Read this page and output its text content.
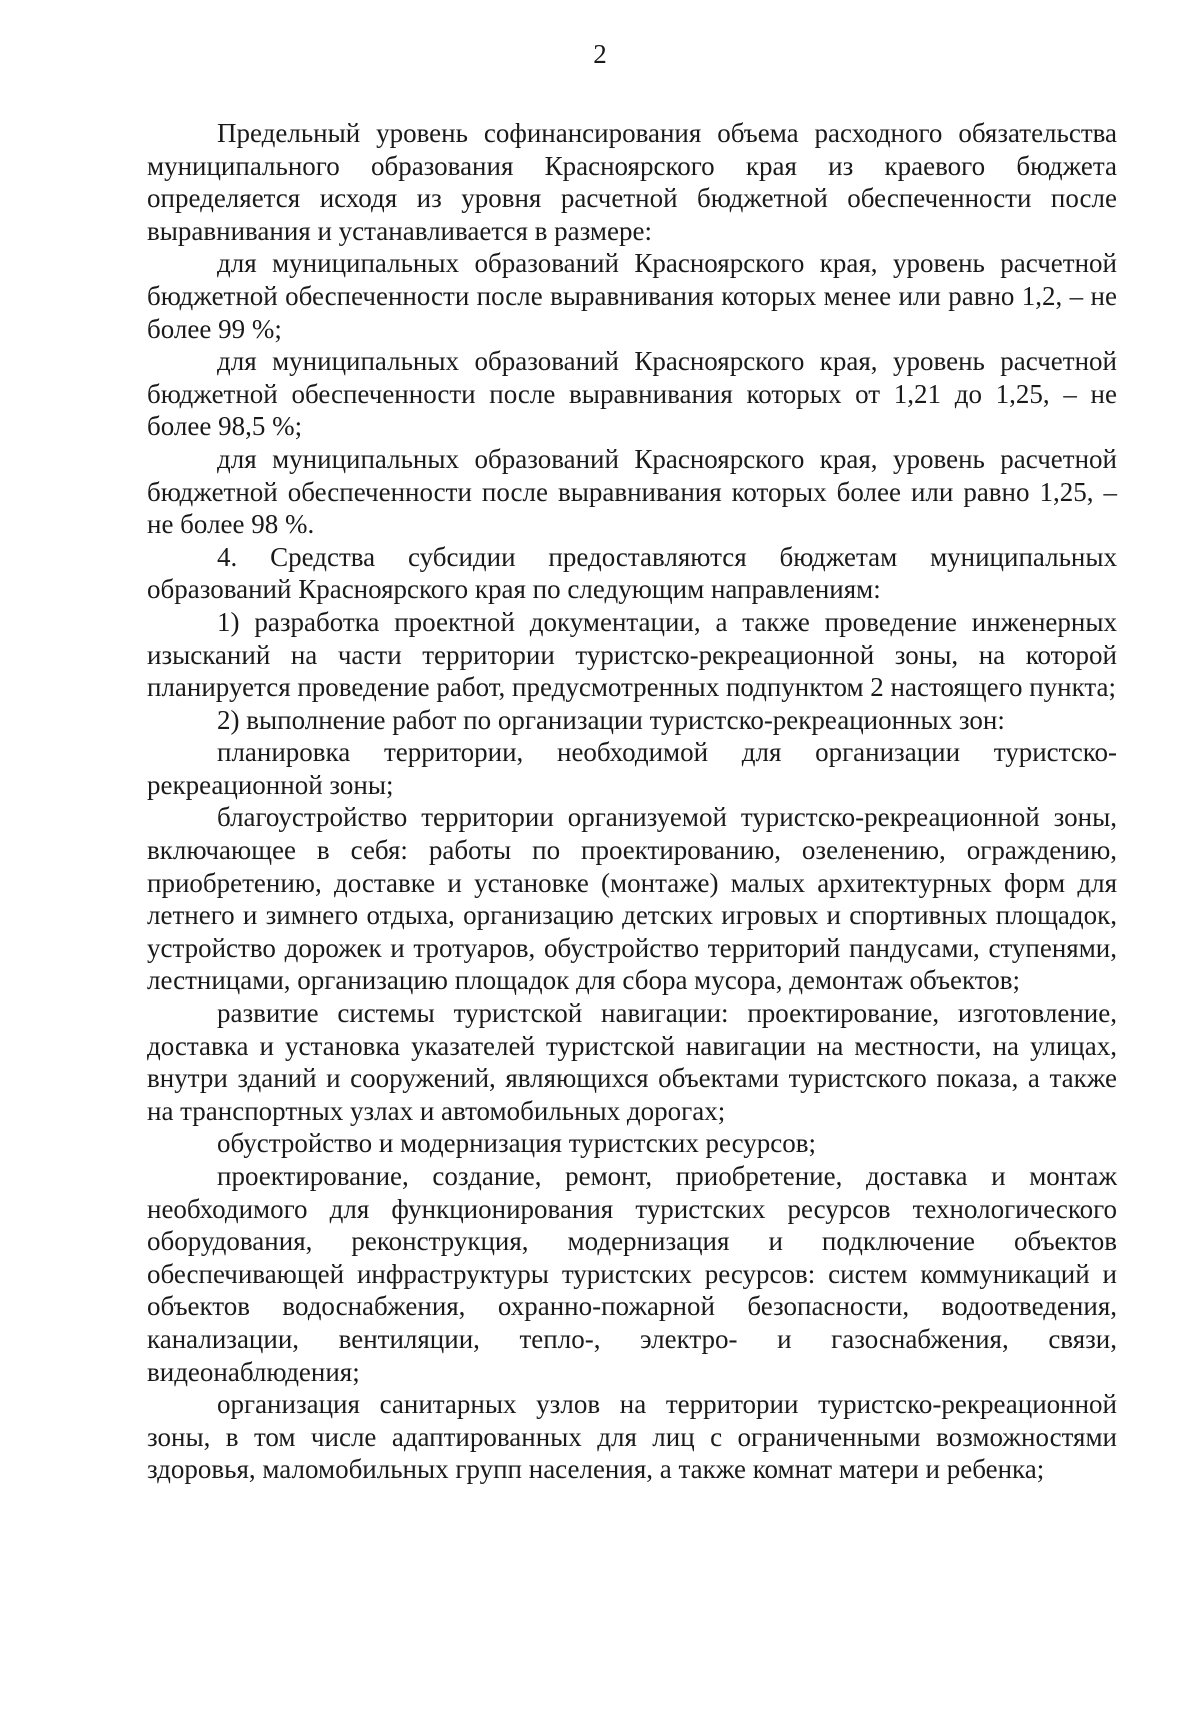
2

Предельный уровень софинансирования объема расходного обязательства муниципального образования Красноярского края из краевого бюджета определяется исходя из уровня расчетной бюджетной обеспеченности после выравнивания и устанавливается в размере:

для муниципальных образований Красноярского края, уровень расчетной бюджетной обеспеченности после выравнивания которых менее или равно 1,2, – не более 99 %;

для муниципальных образований Красноярского края, уровень расчетной бюджетной обеспеченности после выравнивания которых от 1,21 до 1,25, – не более 98,5 %;

для муниципальных образований Красноярского края, уровень расчетной бюджетной обеспеченности после выравнивания которых более или равно 1,25, – не более 98 %.

4. Средства субсидии предоставляются бюджетам муниципальных образований Красноярского края по следующим направлениям:

1) разработка проектной документации, а также проведение инженерных изысканий на части территории туристско-рекреационной зоны, на которой планируется проведение работ, предусмотренных подпунктом 2 настоящего пункта;

2) выполнение работ по организации туристско-рекреационных зон:

планировка территории, необходимой для организации туристско-рекреационной зоны;

благоустройство территории организуемой туристско-рекреационной зоны, включающее в себя: работы по проектированию, озеленению, ограждению, приобретению, доставке и установке (монтаже) малых архитектурных форм для летнего и зимнего отдыха, организацию детских игровых и спортивных площадок, устройство дорожек и тротуаров, обустройство территорий пандусами, ступенями, лестницами, организацию площадок для сбора мусора, демонтаж объектов;

развитие системы туристской навигации: проектирование, изготовление, доставка и установка указателей туристской навигации на местности, на улицах, внутри зданий и сооружений, являющихся объектами туристского показа, а также на транспортных узлах и автомобильных дорогах;

обустройство и модернизация туристских ресурсов;

проектирование, создание, ремонт, приобретение, доставка и монтаж необходимого для функционирования туристских ресурсов технологического оборудования, реконструкция, модернизация и подключение объектов обеспечивающей инфраструктуры туристских ресурсов: систем коммуникаций и объектов водоснабжения, охранно-пожарной безопасности, водоотведения, канализации, вентиляции, тепло-, электро- и газоснабжения, связи, видеонаблюдения;

организация санитарных узлов на территории туристско-рекреационной зоны, в том числе адаптированных для лиц с ограниченными возможностями здоровья, маломобильных групп населения, а также комнат матери и ребенка;
